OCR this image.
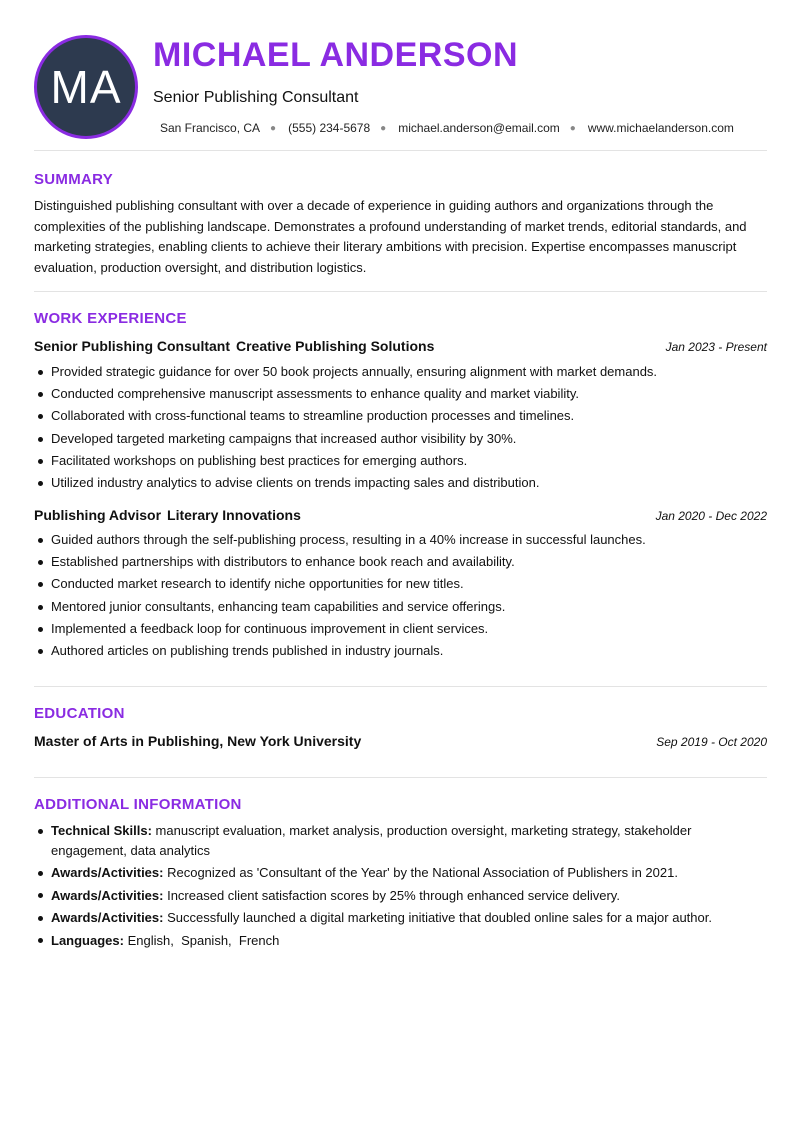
MA
MICHAEL ANDERSON
Senior Publishing Consultant
San Francisco, CA ● (555) 234-5678 ● michael.anderson@email.com ● www.michaelanderson.com
SUMMARY

Distinguished publishing consultant with over a decade of experience in guiding authors and organizations through the complexities of the publishing landscape. Demonstrates a profound understanding of market trends, editorial standards, and marketing strategies, enabling clients to achieve their literary ambitions with precision. Expertise encompasses manuscript evaluation, production oversight, and distribution logistics.

WORK EXPERIENCE
Senior Publishing Consultant Creative Publishing Solutions	Jan 2023 - Present
Provided strategic guidance for over 50 book projects annually, ensuring alignment with market demands.
Conducted comprehensive manuscript assessments to enhance quality and market viability.
Collaborated with cross-functional teams to streamline production processes and timelines.
Developed targeted marketing campaigns that increased author visibility by 30%.
Facilitated workshops on publishing best practices for emerging authors.
Utilized industry analytics to advise clients on trends impacting sales and distribution.
Publishing Advisor Literary Innovations	Jan 2020 - Dec 2022
Guided authors through the self-publishing process, resulting in a 40% increase in successful launches.
Established partnerships with distributors to enhance book reach and availability.
Conducted market research to identify niche opportunities for new titles.
Mentored junior consultants, enhancing team capabilities and service offerings.
Implemented a feedback loop for continuous improvement in client services.
Authored articles on publishing trends published in industry journals.
EDUCATION
Master of Arts in Publishing, New York University	Sep 2019 - Oct 2020
ADDITIONAL INFORMATION
Technical Skills: manuscript evaluation, market analysis, production oversight, marketing strategy, stakeholder engagement, data analytics
Awards/Activities: Recognized as 'Consultant of the Year' by the National Association of Publishers in 2021.
Awards/Activities: Increased client satisfaction scores by 25% through enhanced service delivery.
Awards/Activities: Successfully launched a digital marketing initiative that doubled online sales for a major author.
Languages: English,  Spanish,  French
